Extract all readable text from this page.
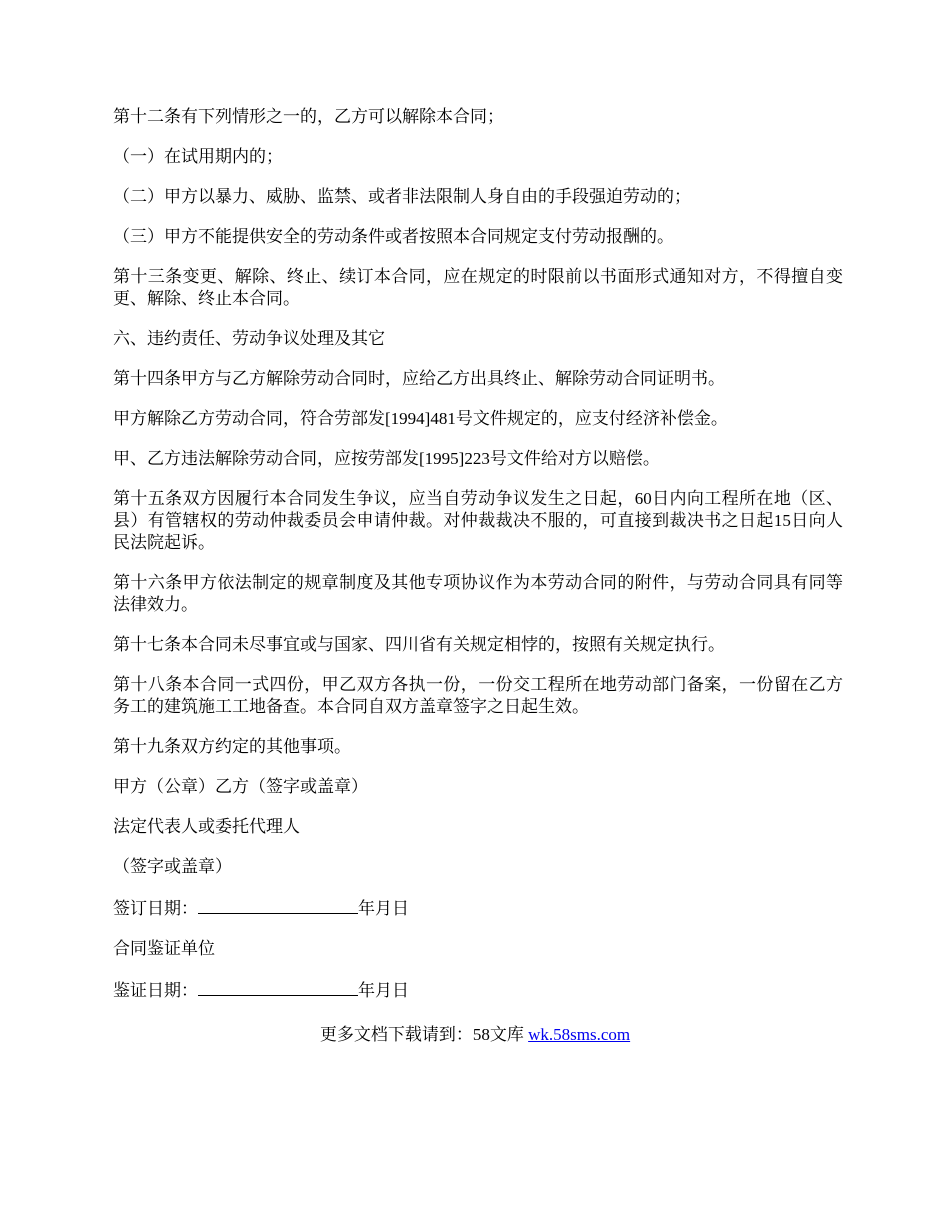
第十二条有下列情形之一的，乙方可以解除本合同；

（一）在试用期内的；

（二）甲方以暴力、威胁、监禁、或者非法限制人身自由的手段强迫劳动的；

（三）甲方不能提供安全的劳动条件或者按照本合同规定支付劳动报酬的。

第十三条变更、解除、终止、续订本合同，应在规定的时限前以书面形式通知对方，不得擅自变更、解除、终止本合同。

六、违约责任、劳动争议处理及其它

第十四条甲方与乙方解除劳动合同时，应给乙方出具终止、解除劳动合同证明书。

甲方解除乙方劳动合同，符合劳部发[1994]481号文件规定的，应支付经济补偿金。

甲、乙方违法解除劳动合同，应按劳部发[1995]223号文件给对方以赔偿。

第十五条双方因履行本合同发生争议，应当自劳动争议发生之日起，60日内向工程所在地（区、县）有管辖权的劳动仲裁委员会申请仲裁。对仲裁裁决不服的，可直接到裁决书之日起15日向人民法院起诉。

第十六条甲方依法制定的规章制度及其他专项协议作为本劳动合同的附件，与劳动合同具有同等法律效力。

第十七条本合同未尽事宜或与国家、四川省有关规定相悖的，按照有关规定执行。

第十八条本合同一式四份，甲乙双方各执一份，一份交工程所在地劳动部门备案，一份留在乙方务工的建筑施工工地备查。本合同自双方盖章签字之日起生效。

第十九条双方约定的其他事项。

甲方（公章）乙方（签字或盖章）

法定代表人或委托代理人

（签字或盖章）

签订日期：	年月日

合同鉴证单位

鉴证日期：	年月日

更多文档下载请到：58文库 wk.58sms.com
